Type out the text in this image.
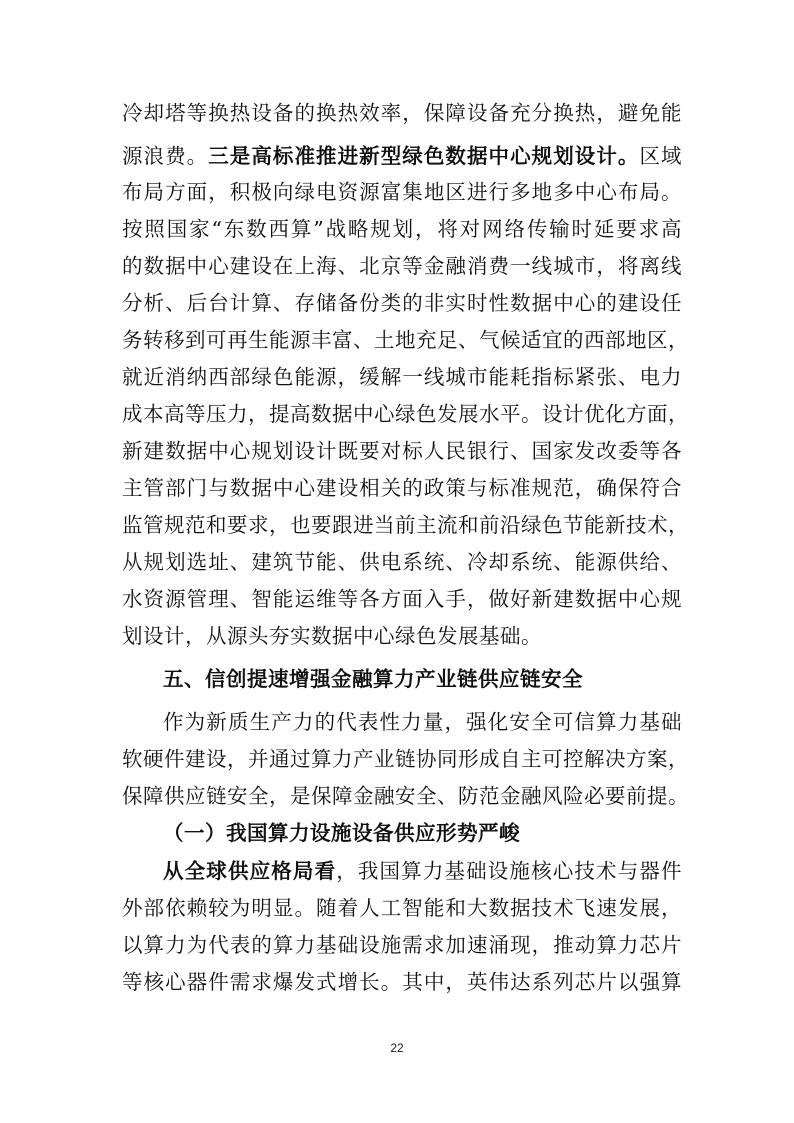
冷却塔等换热设备的换热效率，保障设备充分换热，避免能
源浪费。三是高标准推进新型绿色数据中心规划设计。区域
布局方面，积极向绿电资源富集地区进行多地多中心布局。
按照国家“东数西算”战略规划，将对网络传输时延要求高
的数据中心建设在上海、北京等金融消费一线城市，将离线
分析、后台计算、存储备份类的非实时性数据中心的建设任
务转移到可再生能源丰富、土地充足、气候适宜的西部地区，
就近消纳西部绿色能源，缓解一线城市能耗指标紧张、电力
成本高等压力，提高数据中心绿色发展水平。设计优化方面，
新建数据中心规划设计既要对标人民银行、国家发改委等各
主管部门与数据中心建设相关的政策与标准规范，确保符合
监管规范和要求，也要跟进当前主流和前沿绿色节能新技术，
从规划选址、建筑节能、供电系统、冷却系统、能源供给、
水资源管理、智能运维等各方面入手，做好新建数据中心规
划设计，从源头夯实数据中心绿色发展基础。
五、信创提速增强金融算力产业链供应链安全
作为新质生产力的代表性力量，强化安全可信算力基础
软硬件建设，并通过算力产业链协同形成自主可控解决方案，
保障供应链安全，是保障金融安全、防范金融风险必要前提。
（一）我国算力设施设备供应形势严峻
从全球供应格局看，我国算力基础设施核心技术与器件
外部依赖较为明显。随着人工智能和大数据技术飞速发展，
以算力为代表的算力基础设施需求加速涌现，推动算力芯片
等核心器件需求爆发式增长。其中，英伟达系列芯片以强算
22
